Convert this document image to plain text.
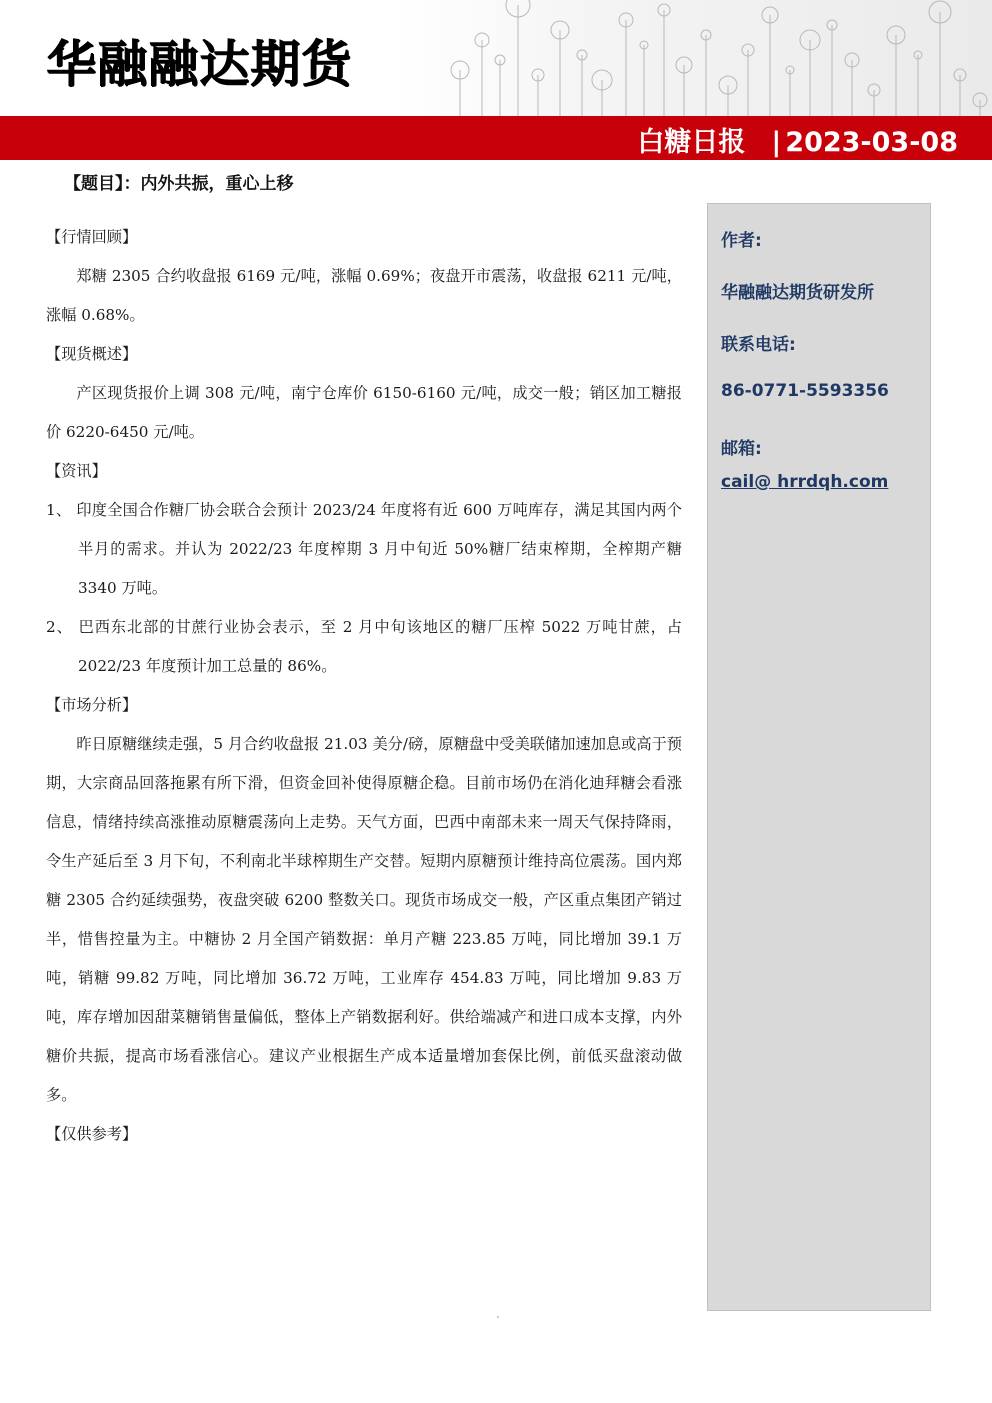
华融融达期货
白糖日报 | 2023-03-08
【题目】：内外共振，重心上移

【行情回顾】

郑糖 2305 合约收盘报 6169 元/吨，涨幅 0.69%；夜盘开市震荡，收盘报 6211 元/吨，涨幅 0.68%。

【现货概述】

产区现货报价上调 308 元/吨，南宁仓库价 6150-6160 元/吨，成交一般；销区加工糖报价 6220-6450 元/吨。

【资讯】

1、 印度全国合作糖厂协会联合会预计 2023/24 年度将有近 600 万吨库存，满足其国内两个半月的需求。并认为 2022/23 年度榨期 3 月中旬近 50%糖厂结束榨期，全榨期产糖 3340 万吨。

2、 巴西东北部的甘蔗行业协会表示，至 2 月中旬该地区的糖厂压榨 5022 万吨甘蔗，占 2022/23 年度预计加工总量的 86%。

【市场分析】

昨日原糖继续走强，5 月合约收盘报 21.03 美分/磅，原糖盘中受美联储加速加息或高于预期，大宗商品回落拖累有所下滑，但资金回补使得原糖企稳。目前市场仍在消化迪拜糖会看涨信息，情绪持续高涨推动原糖震荡向上走势。天气方面，巴西中南部未来一周天气保持降雨，令生产延后至 3 月下旬，不利南北半球榨期生产交替。短期内原糖预计维持高位震荡。国内郑糖 2305 合约延续强势，夜盘突破 6200 整数关口。现货市场成交一般，产区重点集团产销过半，惜售控量为主。中糖协 2 月全国产销数据：单月产糖 223.85 万吨，同比增加 39.1 万吨，销糖 99.82 万吨，同比增加 36.72 万吨，工业库存 454.83 万吨，同比增加 9.83 万吨，库存增加因甜菜糖销售量偏低，整体上产销数据利好。供给端减产和进口成本支撑，内外糖价共振，提高市场看涨信心。建议产业根据生产成本适量增加套保比例，前低买盘滚动做多。

【仅供参考】

作者:
华融融达期货研发所
联系电话:
86-0771-5593356
邮箱:
cail@ hrrdqh.com
